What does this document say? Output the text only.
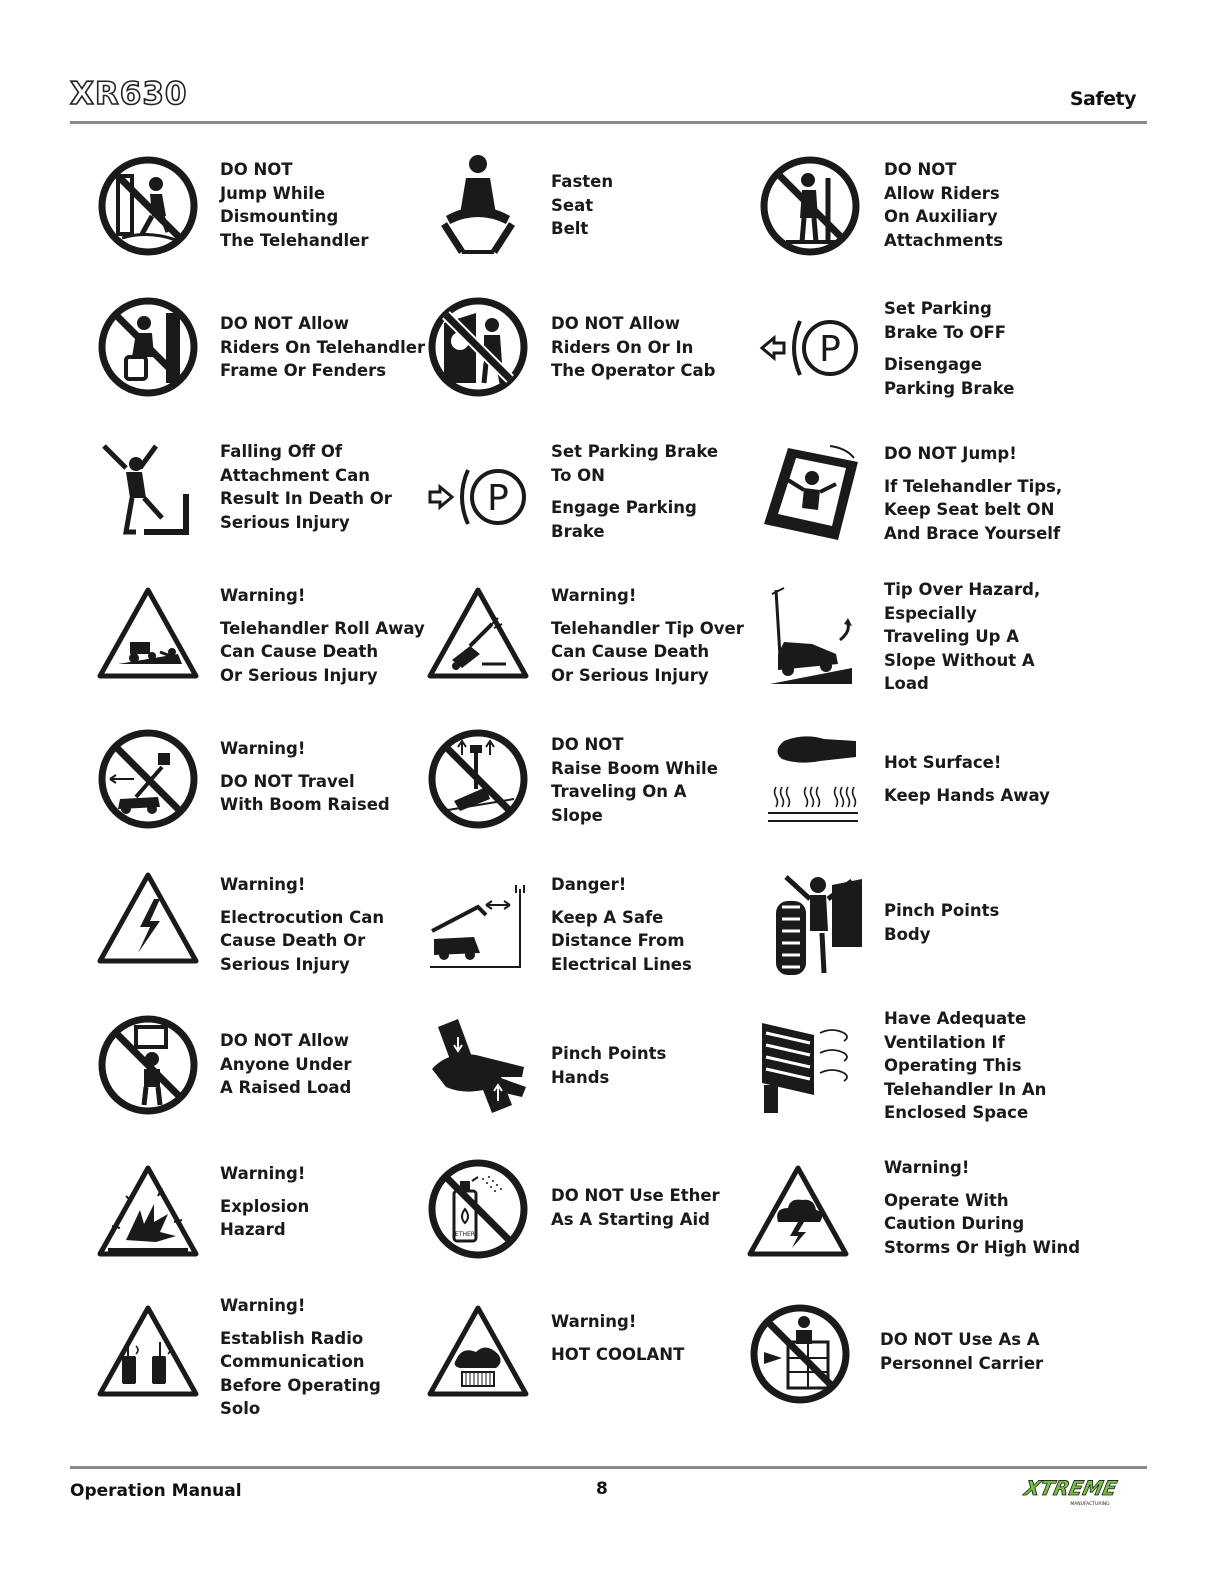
XR630	Safety
DO NOT
Jump While
Dismounting
The Telehandler
Fasten
Seat
Belt
DO NOT
Allow Riders
On Auxiliary
Attachments
DO NOT Allow
Riders On Telehandler
Frame Or Fenders
DO NOT Allow
Riders On Or In
The Operator Cab
P
Set Parking
Brake To OFF
Disengage
Parking Brake
Falling Off Of
Attachment Can
Result In Death Or
Serious Injury
P
Set Parking Brake
To ON
Engage Parking
Brake
DO NOT Jump!
If Telehandler Tips,
Keep Seat belt ON
And Brace Yourself
Warning!
Telehandler Roll Away
Can Cause Death
Or Serious Injury
Warning!
Telehandler Tip Over
Can Cause Death
Or Serious Injury
Tip Over Hazard,
Especially
Traveling Up A
Slope Without A
Load
Warning!
DO NOT Travel
With Boom Raised
DO NOT
Raise Boom While
Traveling On A
Slope
Hot Surface!
Keep Hands Away
Warning!
Electrocution Can
Cause Death Or
Serious Injury
Danger!
Keep A Safe
Distance From
Electrical Lines
Pinch Points
Body
DO NOT Allow
Anyone Under
A Raised Load
Pinch Points
Hands
Have Adequate
Ventilation If
Operating This
Telehandler In An
Enclosed Space
Warning!
Explosion
Hazard	ETHER
DO NOT Use Ether
As A Starting Aid
Warning!
Operate With
Caution During
Storms Or High Wind
Warning!
Establish Radio
Communication
Before Operating
Solo
Warning!
HOT COOLANT
DO NOT Use As A
Personnel Carrier
Operation Manual	8	XTREME
MANUFACTURING
